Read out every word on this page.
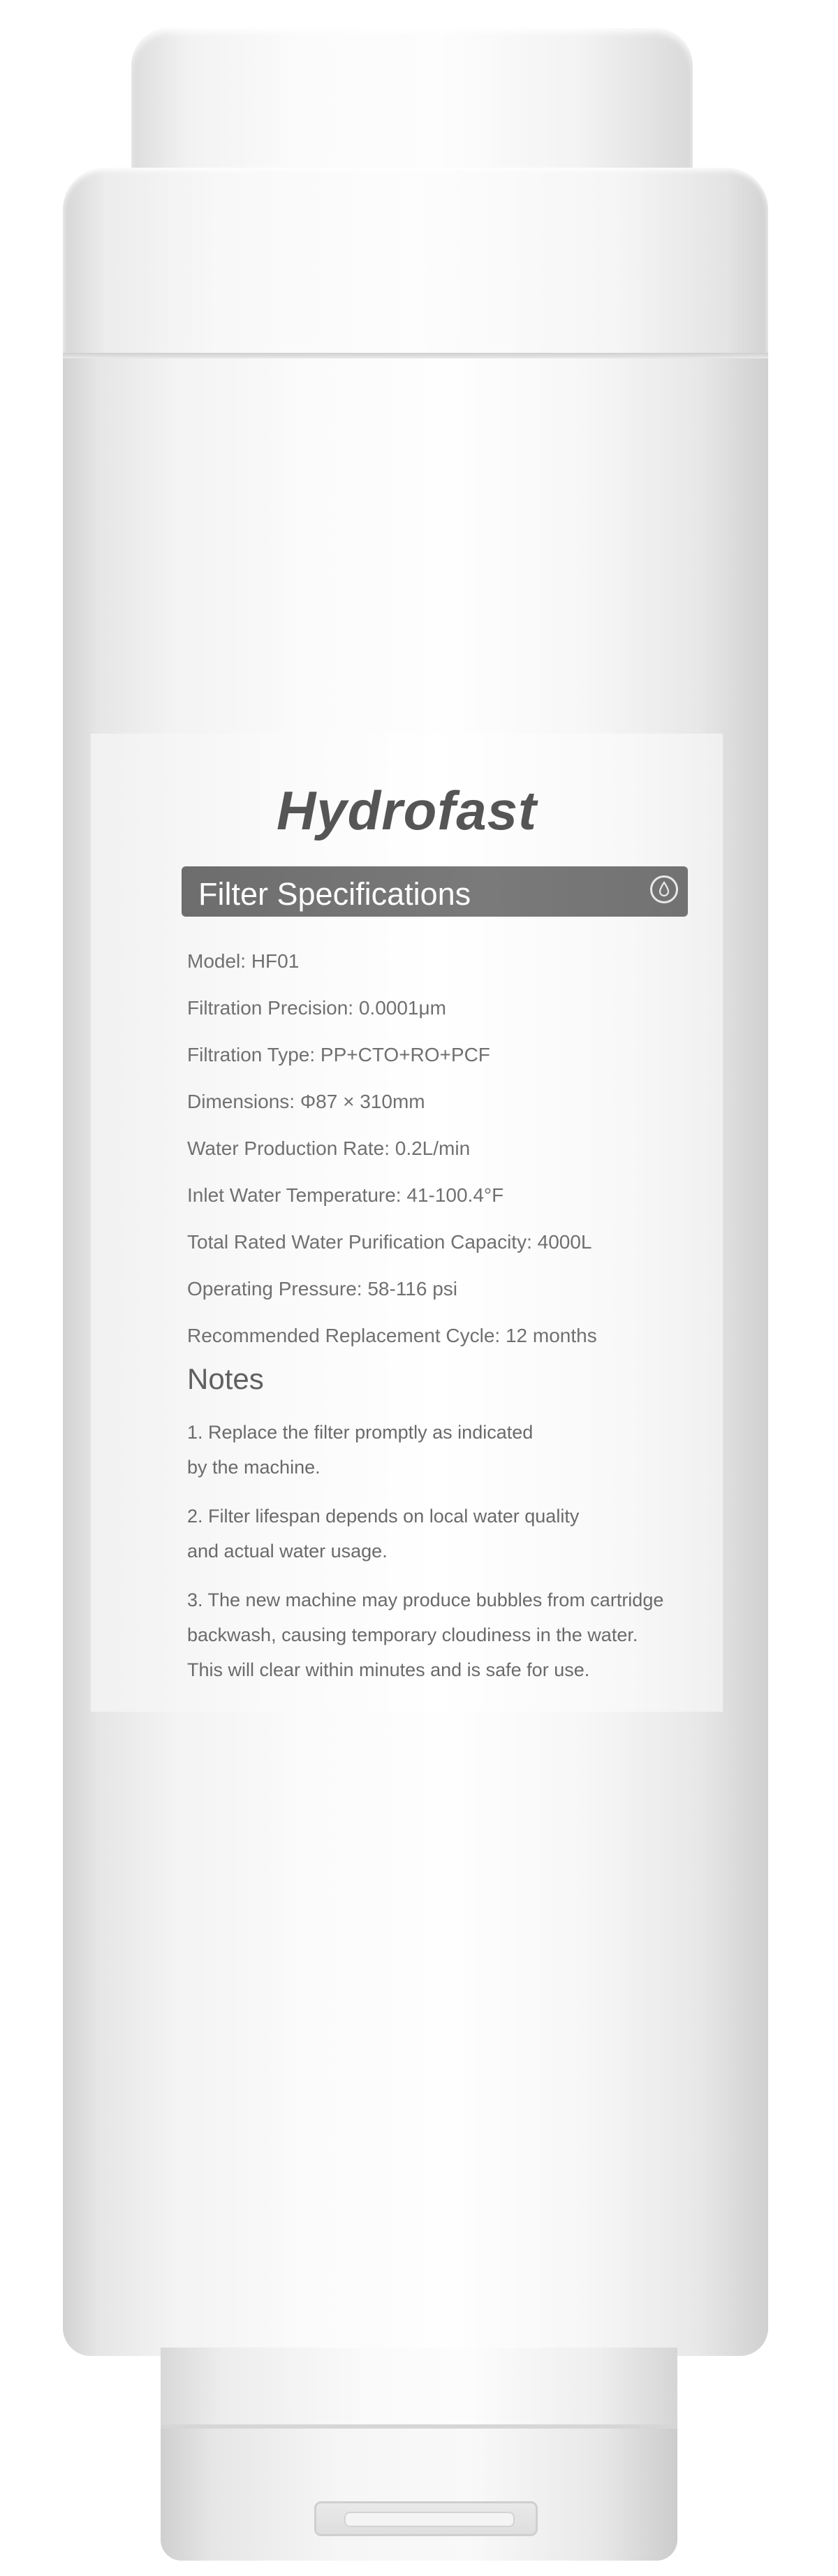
Hydrofast
Filter Specifications
Model: HF01
Filtration Precision: 0.0001μm
Filtration Type: PP+CTO+RO+PCF
Dimensions: Φ87 × 310mm
Water Production Rate: 0.2L/min
Inlet Water Temperature: 41-100.4°F
Total Rated Water Purification Capacity: 4000L
Operating Pressure: 58-116 psi
Recommended Replacement Cycle: 12 months
Notes
1. Replace the filter promptly as indicated
by the machine.
2. Filter lifespan depends on local water quality
and actual water usage.
3. The new machine may produce bubbles from cartridge
backwash, causing temporary cloudiness in the water.
This will clear within minutes and is safe for use.
